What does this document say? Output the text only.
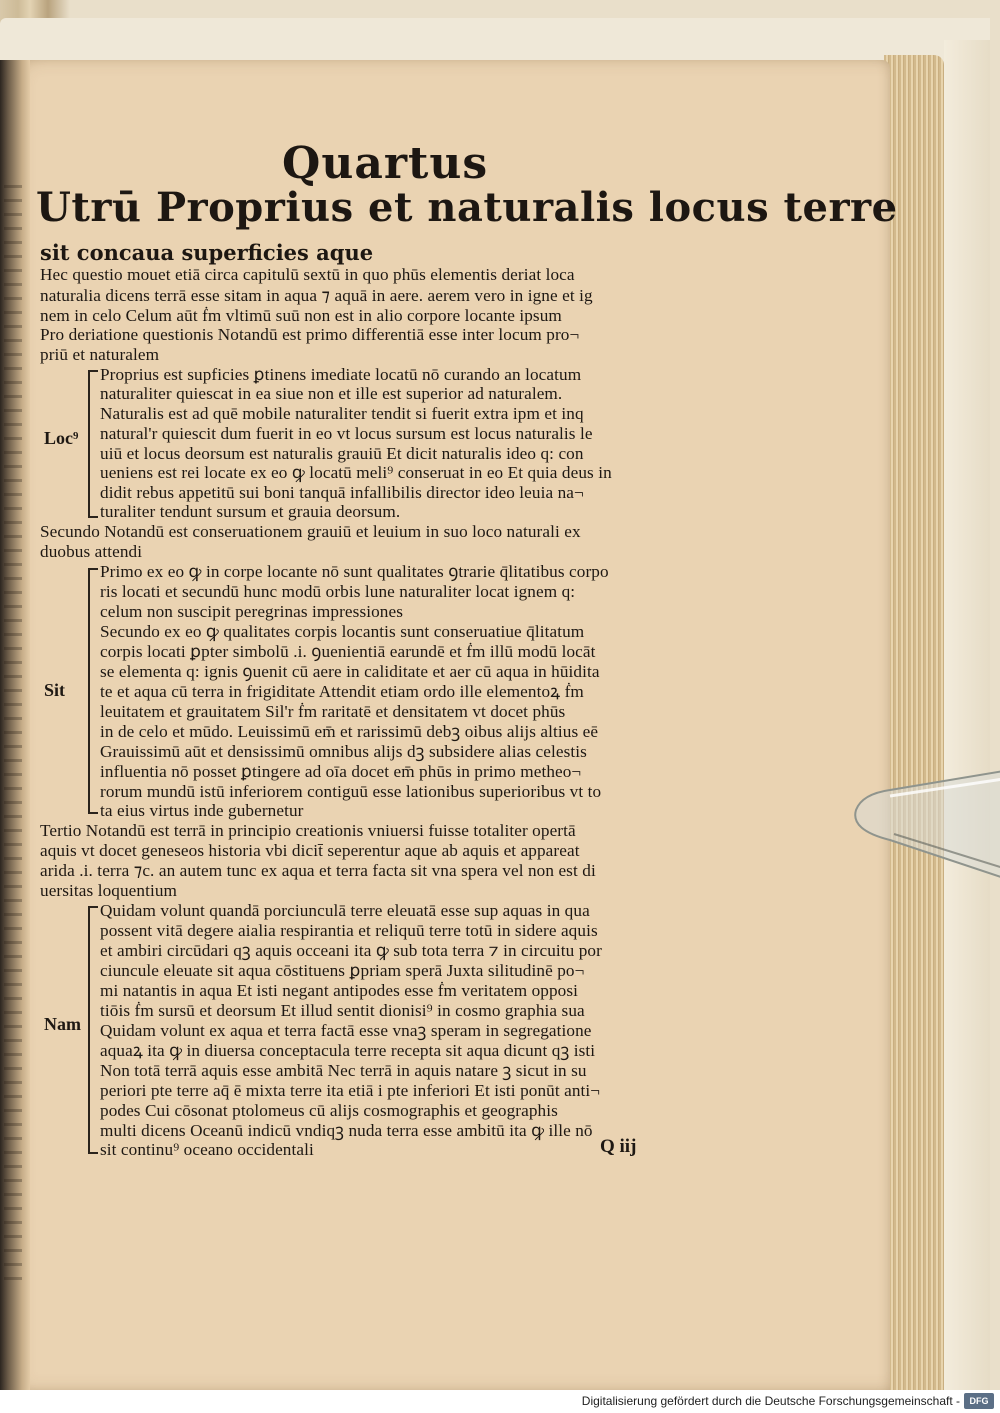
Quartus
Utrū Proprius et naturalis locus terre
sit concaua superficies aque
Hec questio mouet etiā circa capitulū sextū in quo phūs elementis deriat loca
naturalia dicens terrā esse sitam in aqua ⁊ aquā in aere. aerem vero in igne et ig
nem in celo Celum aūt ḟm vltimū suū non est in alio corpore locante ipsum
Pro deriatione questionis Notandū est primo differentiā esse inter locum pro¬
priū et naturalem
Loc⁹
Proprius est supficies ꝑtinens imediate locatū nō curando an locatum
naturaliter quiescat in ea siue non et ille est superior ad naturalem.
Naturalis est ad quē mobile naturaliter tendit si fuerit extra ipm et inq
natural'r quiescit dum fuerit in eo vt locus sursum est locus naturalis le
uiū et locus deorsum est naturalis grauiū Et dicit naturalis ideo q: con
ueniens est rei locate ex eo ꝙ locatū meli⁹ conseruat in eo Et quia deus in
didit rebus appetitū sui boni tanquā infallibilis director ideo leuia na¬
turaliter tendunt sursum et grauia deorsum.
Secundo Notandū est conseruationem grauiū et leuium in suo loco naturali ex
duobus attendi
Sit
Primo ex eo ꝙ in corpe locante nō sunt qualitates ꝯtrarie q̄litatibus corpo
ris locati et secundū hunc modū orbis lune naturaliter locat ignem q:
celum non suscipit peregrinas impressiones
Secundo ex eo ꝙ qualitates corpis locantis sunt conseruatiue q̄litatum
corpis locati ꝑpter simbolū .i. ꝯuenientiā earundē et ḟm illū modū locāt
se elementa q: ignis ꝯuenit cū aere in caliditate et aer cū aqua in hūidita
te et aqua cū terra in frigiditate Attendit etiam ordo ille elementoꝝ ḟm
leuitatem et grauitatem Sil'r ḟm raritatē et densitatem vt docet phūs
in de celo et mūdo. Leuissimū em̄ et rarissimū debꝫ oibus alijs altius eē
Grauissimū aūt et densissimū omnibus alijs dꝫ subsidere alias celestis
influentia nō posset ꝑtingere ad oīa docet em̄ phūs in primo metheo¬
rorum mundū istū inferiorem contiguū esse lationibus superioribus vt to
ta eius virtus inde gubernetur
Tertio Notandū est terrā in principio creationis vniuersi fuisse totaliter opertā
aquis vt docet geneseos historia vbi dicit̄ seperentur aque ab aquis et appareat
arida .i. terra ⁊c. an autem tunc ex aqua et terra facta sit vna spera vel non est di
uersitas loquentium
Nam
Quidam volunt quandā porciunculā terre eleuatā esse sup aquas in qua
possent vitā degere aialia respirantia et reliquū terre totū in sidere aquis
et ambiri circūdari qꝫ aquis occeani ita ꝙ sub tota terra ⁊ in circuitu por
ciuncule eleuate sit aqua cōstituens ꝑpriam sperā Juxta silitudinē po¬
mi natantis in aqua Et isti negant antipodes esse ḟm veritatem opposi
tiōis ḟm sursū et deorsum Et illud sentit dionisi⁹ in cosmo graphia sua
Quidam volunt ex aqua et terra factā esse vnaꝫ speram in segregatione
aquaꝝ ita ꝙ in diuersa conceptacula terre recepta sit aqua dicunt qꝫ isti
Non totā terrā aquis esse ambitā Nec terrā in aquis natare ꝫ sicut in su
periori pte terre aq̄ ē mixta terre ita etiā i pte inferiori Et isti ponūt anti¬
podes Cui cōsonat ptolomeus cū alijs cosmographis et geographis
multi dicens Oceanū indicū vndiqꝫ nuda terra esse ambitū ita ꝙ ille nō
sit continu⁹ oceano occidentali	Q iij
Digitalisierung gefördert durch die Deutsche Forschungsgemeinschaft -	DFG
